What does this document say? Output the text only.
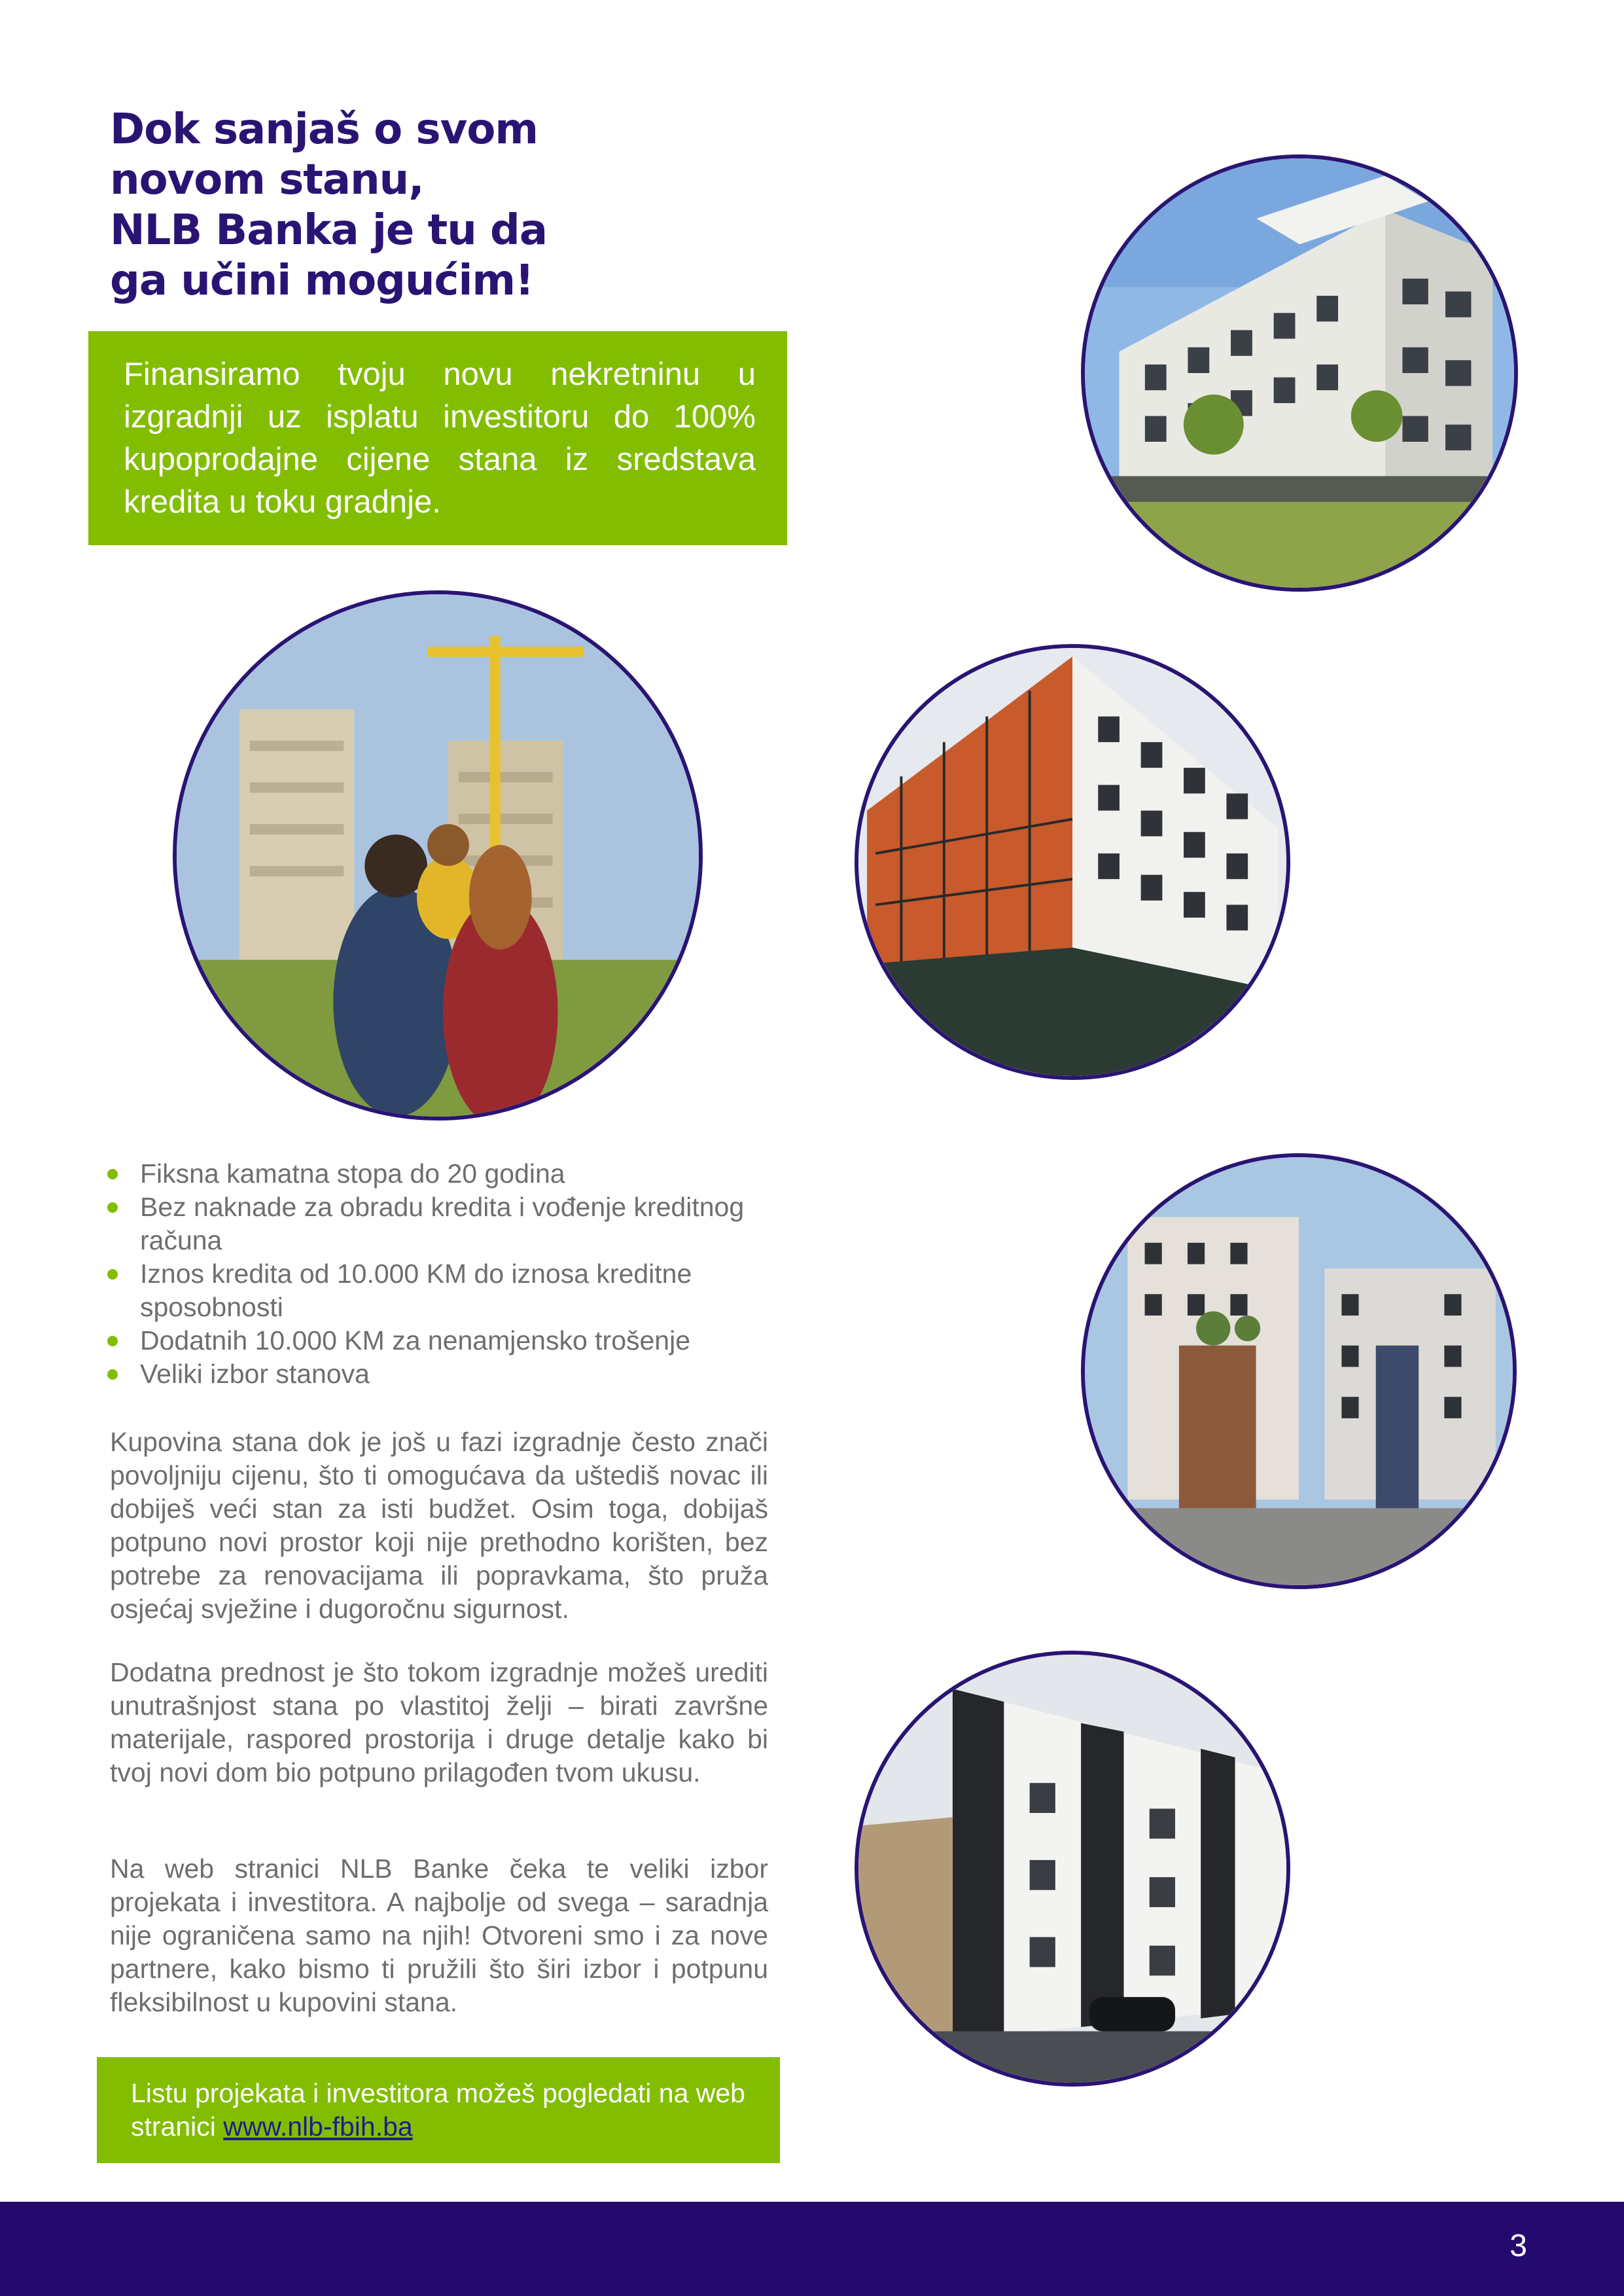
Dok sanjaš o svom
novom stanu,
NLB Banka je tu da
ga učini mogućim!

Finansiramo tvoju novu nekretninu u izgradnji uz isplatu investitoru do 100% kupoprodajne cijene stana iz sredstava kredita u toku gradnje.

Fiksna kamatna stopa do 20 godina
Bez naknade za obradu kredita i vođenje kreditnog računa
Iznos kredita od 10.000 KM do iznosa kreditne sposobnosti
Dodatnih 10.000 KM za nenamjensko trošenje
Veliki izbor stanova

Kupovina stana dok je još u fazi izgradnje često znači povoljniju cijenu, što ti omogućava da uštediš novac ili dobiješ veći stan za isti budžet. Osim toga, dobijaš potpuno novi prostor koji nije prethodno korišten, bez potrebe za renovacijama ili popravkama, što pruža osjećaj svježine i dugoročnu sigurnost.

Dodatna prednost je što tokom izgradnje možeš urediti unutrašnjost stana po vlastitoj želji – birati završne materijale, raspored prostorija i druge detalje kako bi tvoj novi dom bio potpuno prilagođen tvom ukusu.

Na web stranici NLB Banke čeka te veliki izbor projekata i investitora. A najbolje od svega – saradnja nije ograničena samo na njih! Otvoreni smo i za nove partnere, kako bismo ti pružili što širi izbor i potpunu fleksibilnost u kupovini stana.

Listu projekata i investitora možeš pogledati na web stranici www.nlb-fbih.ba
3
